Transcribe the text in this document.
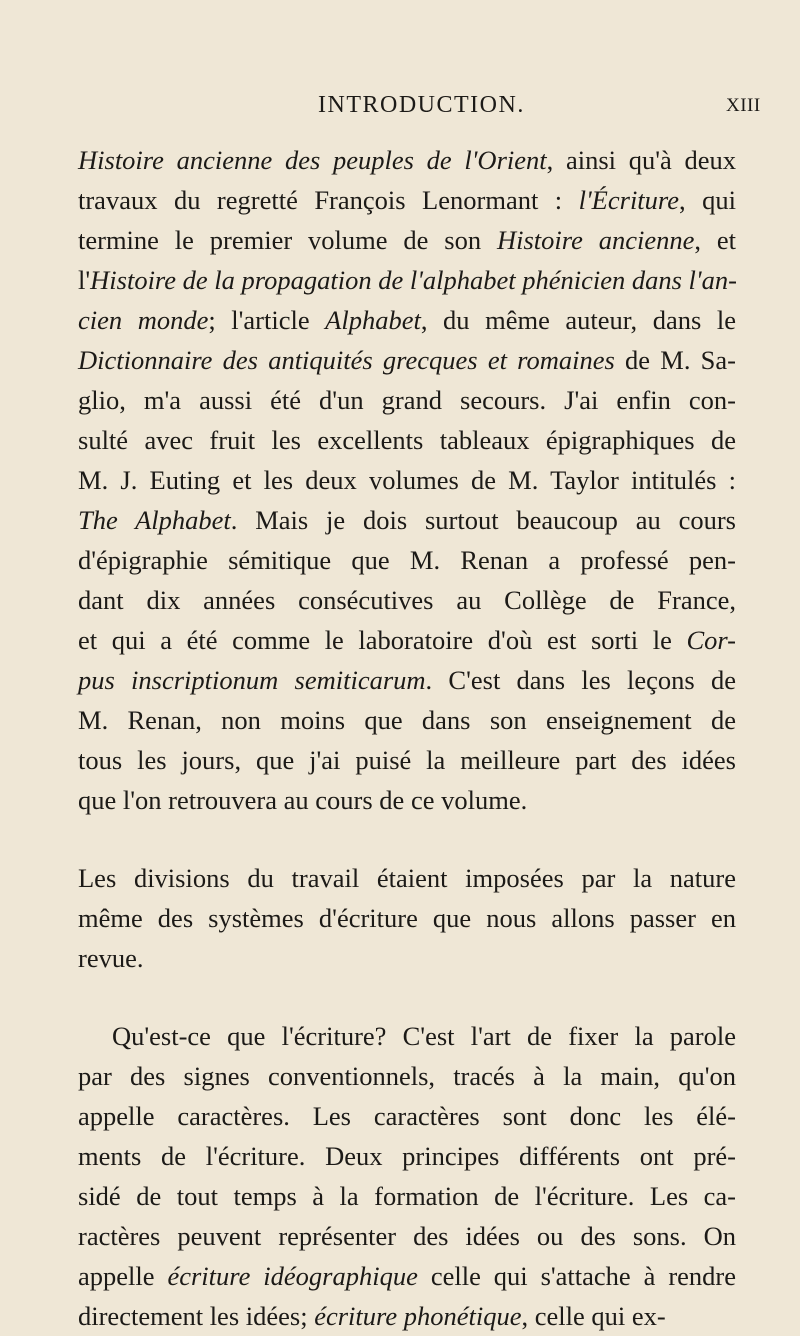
INTRODUCTION.	XIII
Histoire ancienne des peuples de l'Orient, ainsi qu'à deux
travaux du regretté François Lenormant : l'Écriture, qui
termine le premier volume de son Histoire ancienne, et
l'Histoire de la propagation de l'alphabet phénicien dans l'an-
cien monde; l'article Alphabet, du même auteur, dans le
Dictionnaire des antiquités grecques et romaines de M. Sa-
glio, m'a aussi été d'un grand secours. J'ai enfin con-
sulté avec fruit les excellents tableaux épigraphiques de
M. J. Euting et les deux volumes de M. Taylor intitulés :
The Alphabet. Mais je dois surtout beaucoup au cours
d'épigraphie sémitique que M. Renan a professé pen-
dant dix années consécutives au Collège de France,
et qui a été comme le laboratoire d'où est sorti le Cor-
pus inscriptionum semiticarum. C'est dans les leçons de
M. Renan, non moins que dans son enseignement de
tous les jours, que j'ai puisé la meilleure part des idées
que l'on retrouvera au cours de ce volume.
Les divisions du travail étaient imposées par la nature
même des systèmes d'écriture que nous allons passer en
revue.
Qu'est-ce que l'écriture? C'est l'art de fixer la parole
par des signes conventionnels, tracés à la main, qu'on
appelle caractères. Les caractères sont donc les élé-
ments de l'écriture. Deux principes différents ont pré-
sidé de tout temps à la formation de l'écriture. Les ca-
ractères peuvent représenter des idées ou des sons. On
appelle écriture idéographique celle qui s'attache à rendre
directement les idées; écriture phonétique, celle qui ex-
